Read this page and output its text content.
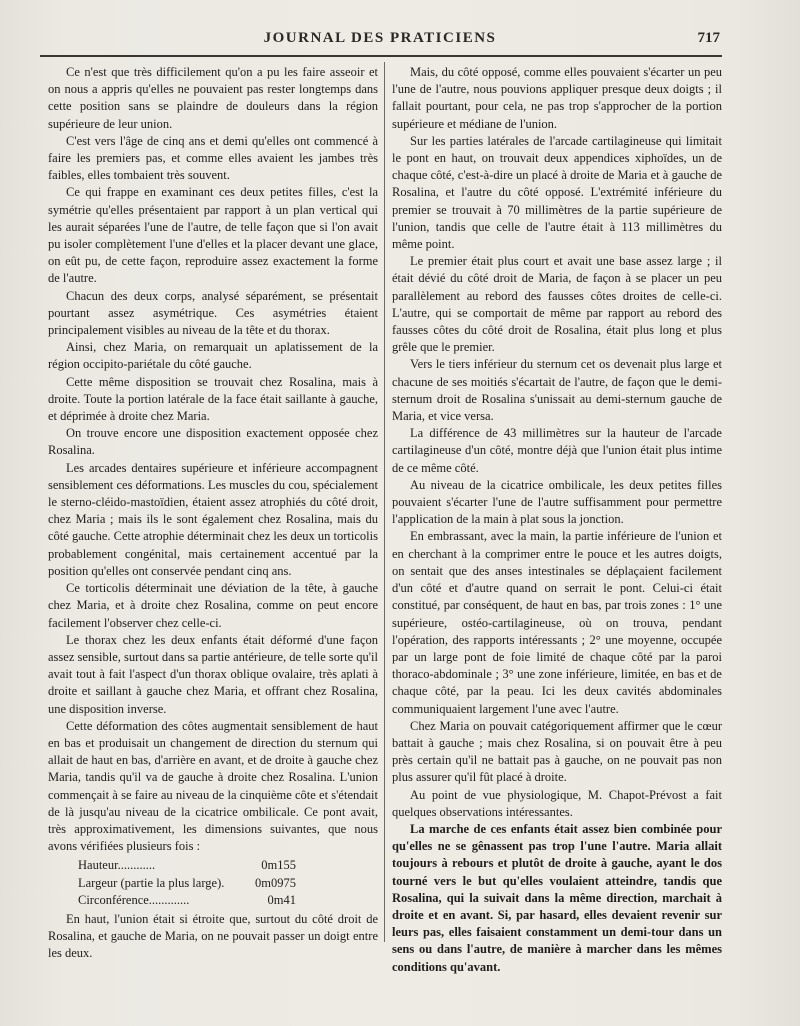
JOURNAL DES PRATICIENS	717

Ce n'est que très difficilement qu'on a pu les faire asseoir et on nous a appris qu'elles ne pouvaient pas rester longtemps dans cette position sans se plaindre de douleurs dans la région supérieure de leur union.

C'est vers l'âge de cinq ans et demi qu'elles ont commencé à faire les premiers pas, et comme elles avaient les jambes très faibles, elles tombaient très souvent.

Ce qui frappe en examinant ces deux petites filles, c'est la symétrie qu'elles présentaient par rapport à un plan vertical qui les aurait séparées l'une de l'autre, de telle façon que si l'on avait pu isoler complètement l'une d'elles et la placer devant une glace, on eût pu, de cette façon, reproduire assez exactement la forme de l'autre.

Chacun des deux corps, analysé séparément, se présentait pourtant assez asymétrique. Ces asymétries étaient principalement visibles au niveau de la tête et du thorax.

Ainsi, chez Maria, on remarquait un aplatissement de la région occipito-pariétale du côté gauche.

Cette même disposition se trouvait chez Rosalina, mais à droite. Toute la portion latérale de la face était saillante à gauche, et déprimée à droite chez Maria.

On trouve encore une disposition exactement opposée chez Rosalina.

Les arcades dentaires supérieure et inférieure accompagnent sensiblement ces déformations. Les muscles du cou, spécialement le sterno-cléido-mastoïdien, étaient assez atrophiés du côté droit, chez Maria ; mais ils le sont également chez Rosalina, mais du côté gauche. Cette atrophie déterminait chez les deux un torticolis probablement congénital, mais certainement accentué par la position qu'elles ont conservée pendant cinq ans.

Ce torticolis déterminait une déviation de la tête, à gauche chez Maria, et à droite chez Rosalina, comme on peut encore facilement l'observer chez celle-ci.

Le thorax chez les deux enfants était déformé d'une façon assez sensible, surtout dans sa partie antérieure, de telle sorte qu'il avait tout à fait l'aspect d'un thorax oblique ovalaire, très aplati à droite et saillant à gauche chez Maria, et offrant chez Rosalina, une disposition inverse.

Cette déformation des côtes augmentait sensiblement de haut en bas et produisait un changement de direction du sternum qui allait de haut en bas, d'arrière en avant, et de droite à gauche chez Maria, tandis qu'il va de gauche à droite chez Rosalina. L'union commençait à se faire au niveau de la cinquième côte et s'étendait de là jusqu'au niveau de la cicatrice ombilicale. Ce pont avait, très approximativement, les dimensions suivantes, que nous avons vérifiées plusieurs fois :

Hauteur............	0m155
Largeur (partie la plus large). 0m0975
Circonférence.............	0m41

En haut, l'union était si étroite que, surtout du côté droit de Rosalina, et gauche de Maria, on ne pouvait passer un doigt entre les deux.

Mais, du côté opposé, comme elles pouvaient s'écarter un peu l'une de l'autre, nous pouvions appliquer presque deux doigts ; il fallait pourtant, pour cela, ne pas trop s'approcher de la portion supérieure et médiane de l'union.

Sur les parties latérales de l'arcade cartilagineuse qui limitait le pont en haut, on trouvait deux appendices xiphoïdes, un de chaque côté, c'est-à-dire un placé à droite de Maria et à gauche de Rosalina, et l'autre du côté opposé. L'extrémité inférieure du premier se trouvait à 70 millimètres de la partie supérieure de l'union, tandis que celle de l'autre était à 113 millimètres du même point.

Le premier était plus court et avait une base assez large ; il était dévié du côté droit de Maria, de façon à se placer un peu parallèlement au rebord des fausses côtes droites de celle-ci. L'autre, qui se comportait de même par rapport au rebord des fausses côtes du côté droit de Rosalina, était plus long et plus grêle que le premier.

Vers le tiers inférieur du sternum cet os devenait plus large et chacune de ses moitiés s'écartait de l'autre, de façon que le demi-sternum droit de Rosalina s'unissait au demi-sternum gauche de Maria, et vice versa.

La différence de 43 millimètres sur la hauteur de l'arcade cartilagineuse d'un côté, montre déjà que l'union était plus intime de ce même côté.

Au niveau de la cicatrice ombilicale, les deux petites filles pouvaient s'écarter l'une de l'autre suffisamment pour permettre l'application de la main à plat sous la jonction.

En embrassant, avec la main, la partie inférieure de l'union et en cherchant à la comprimer entre le pouce et les autres doigts, on sentait que des anses intestinales se déplaçaient facilement d'un côté et d'autre quand on serrait le pont. Celui-ci était constitué, par conséquent, de haut en bas, par trois zones : 1° une supérieure, ostéo-cartilagineuse, où on trouva, pendant l'opération, des rapports intéressants ; 2° une moyenne, occupée par un large pont de foie limité de chaque côté par la paroi thoraco-abdominale ; 3° une zone inférieure, limitée, en bas et de chaque côté, par la peau. Ici les deux cavités abdominales communiquaient largement l'une avec l'autre.

Chez Maria on pouvait catégoriquement affirmer que le cœur battait à gauche ; mais chez Rosalina, si on pouvait être à peu près certain qu'il ne battait pas à gauche, on ne pouvait pas non plus assurer qu'il fût placé à droite.

Au point de vue physiologique, M. Chapot-Prévost a fait quelques observations intéressantes.

La marche de ces enfants était assez bien combinée pour qu'elles ne se gênassent pas trop l'une l'autre. Maria allait toujours à rebours et plutôt de droite à gauche, ayant le dos tourné vers le but qu'elles voulaient atteindre, tandis que Rosalina, qui la suivait dans la même direction, marchait à droite et en avant. Si, par hasard, elles devaient revenir sur leurs pas, elles faisaient constamment un demi-tour dans un sens ou dans l'autre, de manière à marcher dans les mêmes conditions qu'avant.
